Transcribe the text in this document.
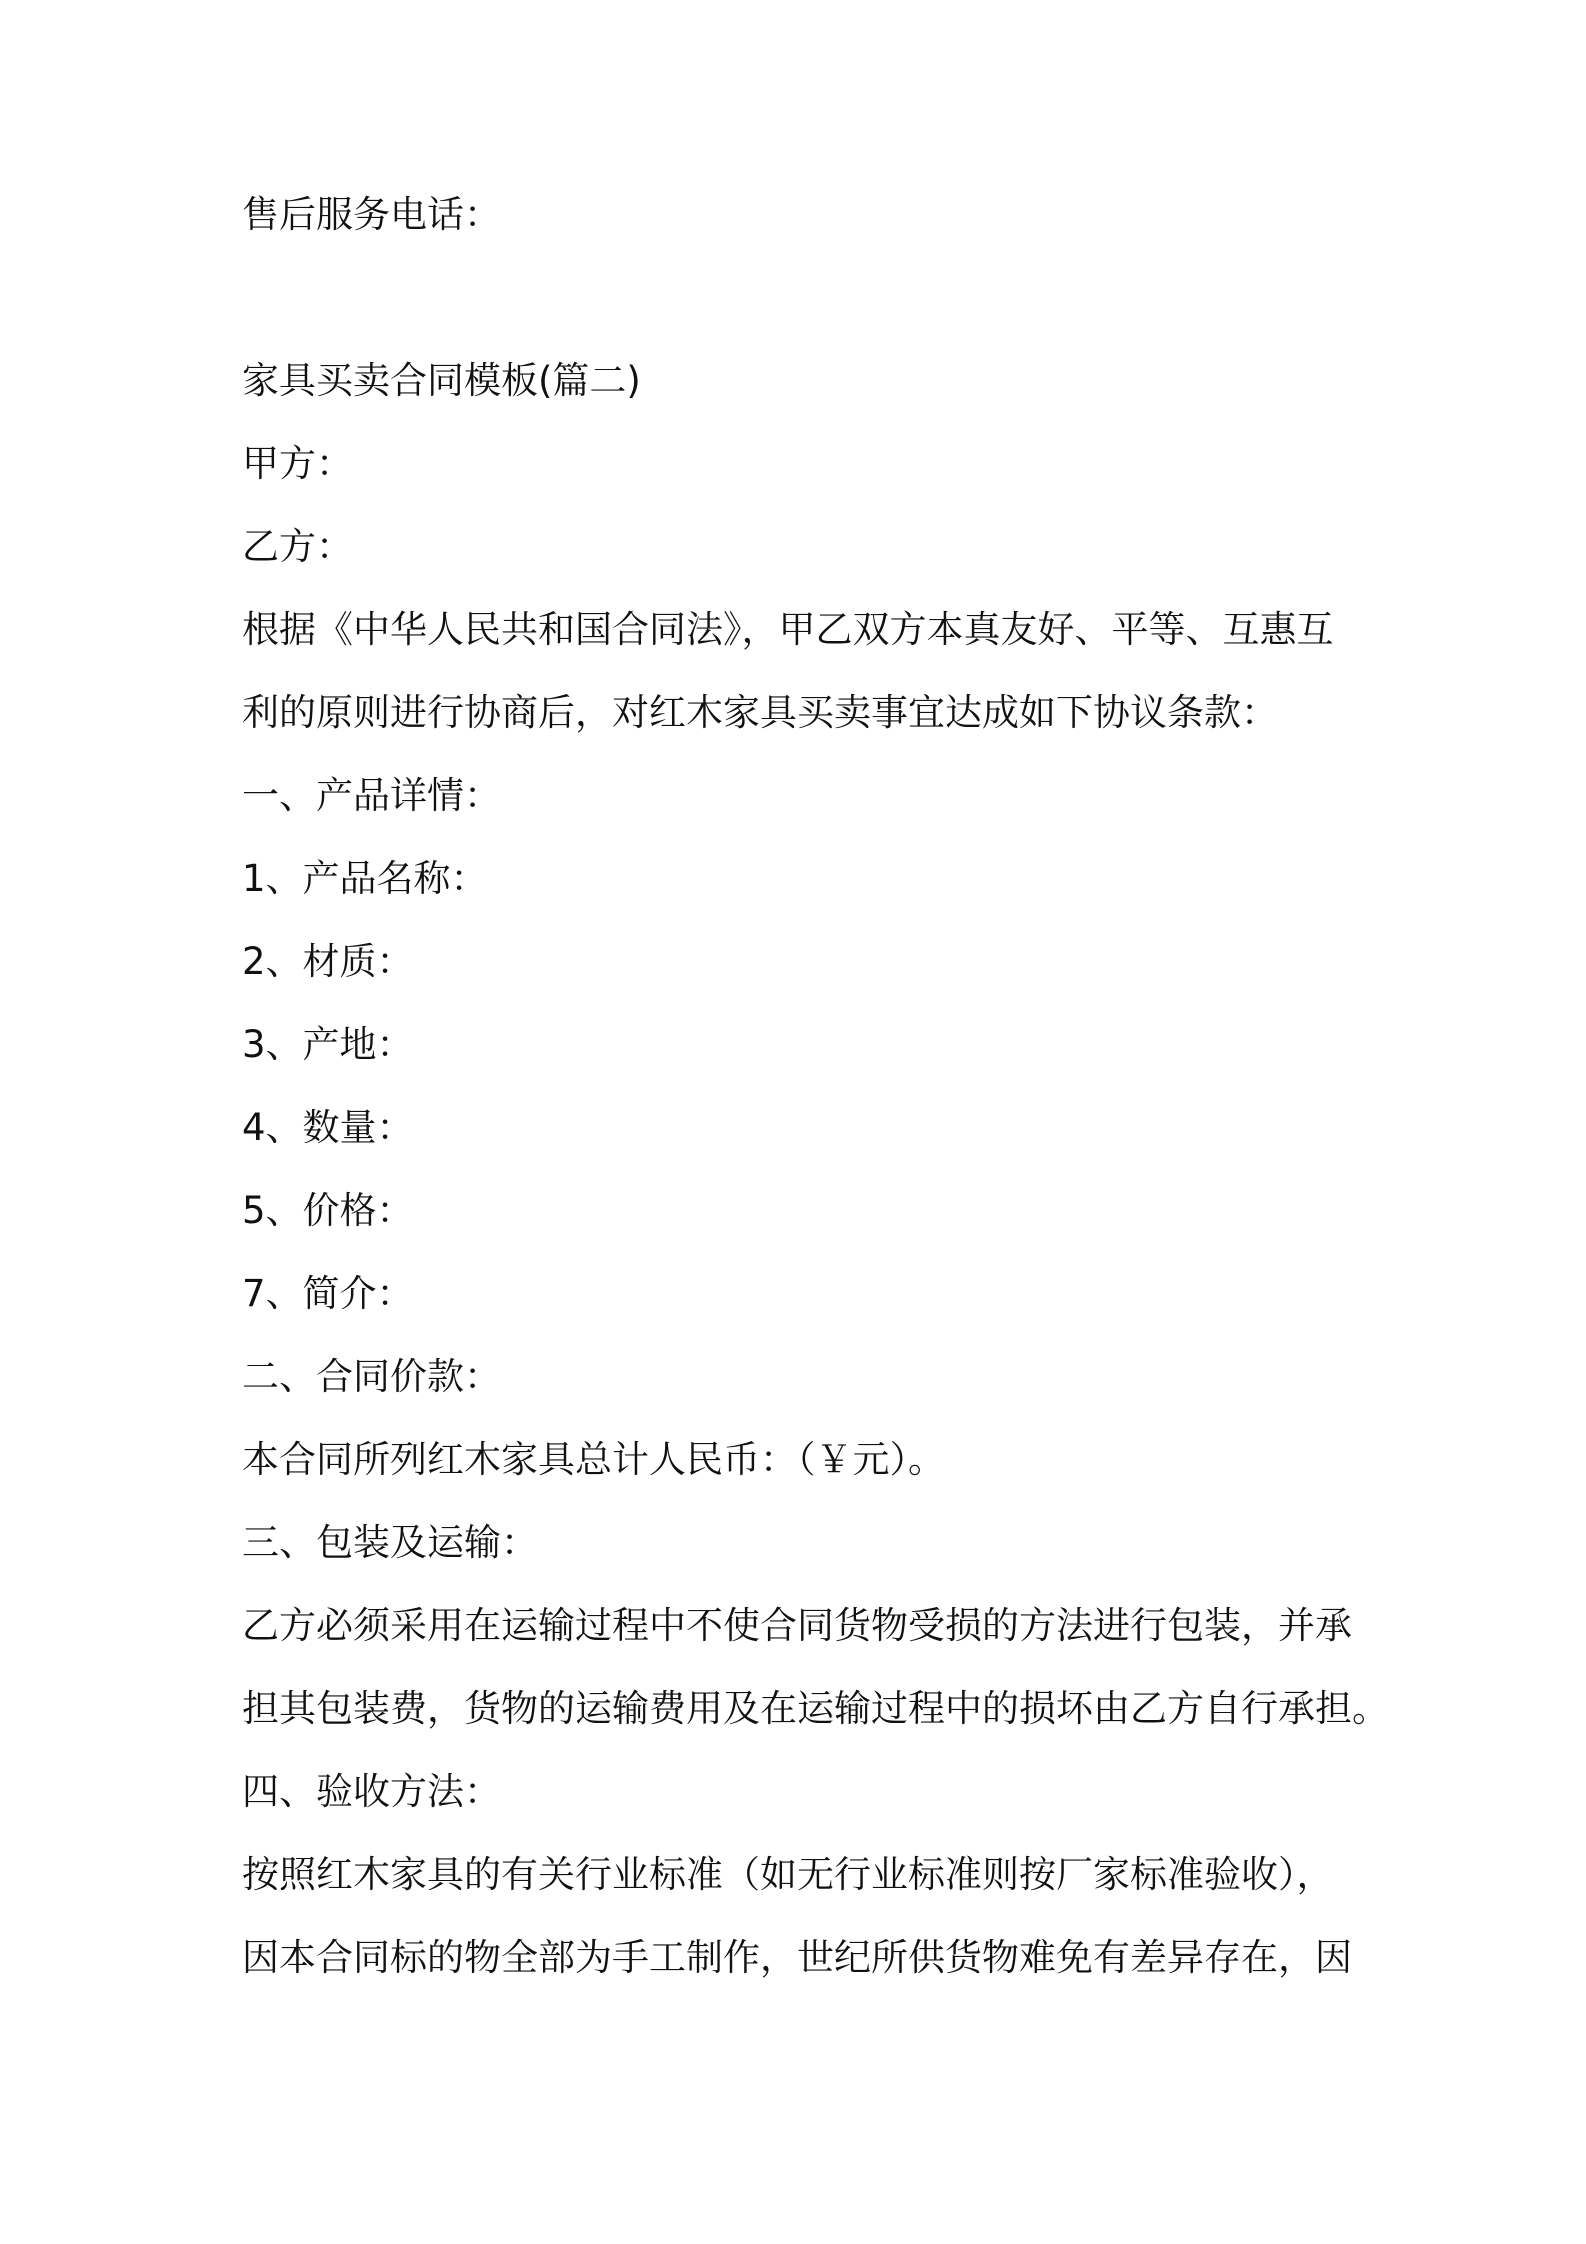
售后服务电话：
家具买卖合同模板(篇二)
甲方：
乙方：
根据《中华人民共和国合同法》，甲乙双方本真友好、平等、互惠互
利的原则进行协商后，对红木家具买卖事宜达成如下协议条款：
一、产品详情：
1、产品名称：
2、材质：
3、产地：
4、数量：
5、价格：
7、简介：
二、合同价款：
本合同所列红木家具总计人民币：（￥元）。
三、包装及运输：
乙方必须采用在运输过程中不使合同货物受损的方法进行包装，并承
担其包装费，货物的运输费用及在运输过程中的损坏由乙方自行承担。
四、验收方法：
按照红木家具的有关行业标准（如无行业标准则按厂家标准验收），
因本合同标的物全部为手工制作，世纪所供货物难免有差异存在，因
